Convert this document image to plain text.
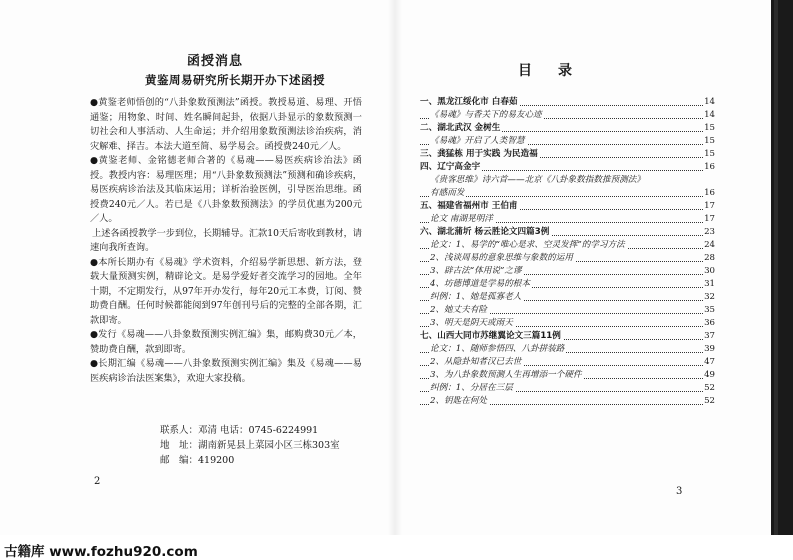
函授消息
黄鉴周易研究所长期开办下述函授

●黄鉴老师悟创的“八卦象数预测法”函授。教授易道、易理、开悟通鉴；用物象、时间、姓名瞬间起卦，依据八卦显示的象数预测一切社会和人事活动、人生命运；并介绍用象数预测法诊治疾病，消灾解难、择吉。本法大道至简、易学易会。函授费240元／人。

●黄鉴老师、金铭德老师合著的《易魂——易医疾病诊治法》函授。教授内容：易理医理；用“八卦象数预测法”预测和确诊疾病，易医疾病诊治法及其临床运用；详析治验医例，引导医治思维。函授费240元／人。若已是《八卦象数预测法》的学员优惠为200元／人。

上述各函授教学一步到位，长期辅导。汇款10天后寄收到教材，请速向我所查询。

●本所长期办有《易魂》学术资料，介绍易学新思想、新方法，登载大量预测实例，精辟论文。是易学爱好者交流学习的园地。全年十期，不定期发行，从97年开办发行，每年20元工本费，订阅、赞助费自酬。任何时候都能阅到97年创刊号后的完整的全部各期，汇款即寄。

●发行《易魂——八卦象数预测实例汇编》集，邮购费30元／本，赞助费自酬，款到即寄。

●长期汇编《易魂——八卦象数预测实例汇编》集及《易魂——易医疾病诊治法医案集》，欢迎大家投稿。

联系人：邓清 电话：0745-6224991
地　址：湖南新晃县上菜园小区三栋303室
邮　编：419200
2
目录
一、黑龙江绥化市 白春茹	14
《易魂》与香关下的易友心迹	14
二、湖北武汉 金树生	15
《易魂》开启了人类智慧	15
三、龚猛栋 用于实践 为民造福	15
四、辽宁高金宇	16
《贵客思维》诗六首——北京《八卦象数指数推预测法》
有感而发	16
五、福建省福州市 王伯甫	17
论文 南湖晃明洋	17
六、湖北蒲圻 杨云胜论文四篇3例	23
论文：1、易学的“唯心是求、空灵发挥”的学习方法	24
2、浅谈周易的意象思维与象数的运用	28
3、辟古法“体用说”之谬	30
4、坊德博道是学易的根本	31
纠例：1、她是孤寡老人	32
2、她丈夫有险	35
3、明天是阴天或雨天	36
七、山西大同市苏继翼论文三篇11例	37
论文：1、随师参悟四、八卦拼装路	39
2、从隐卦知者汉已去世	47
3、为八卦象数预测人生再增添一个硬件	49
纠例：1、分居在三层	52
2、钥匙在何处	52
3
古籍库 www.fozhu920.com
